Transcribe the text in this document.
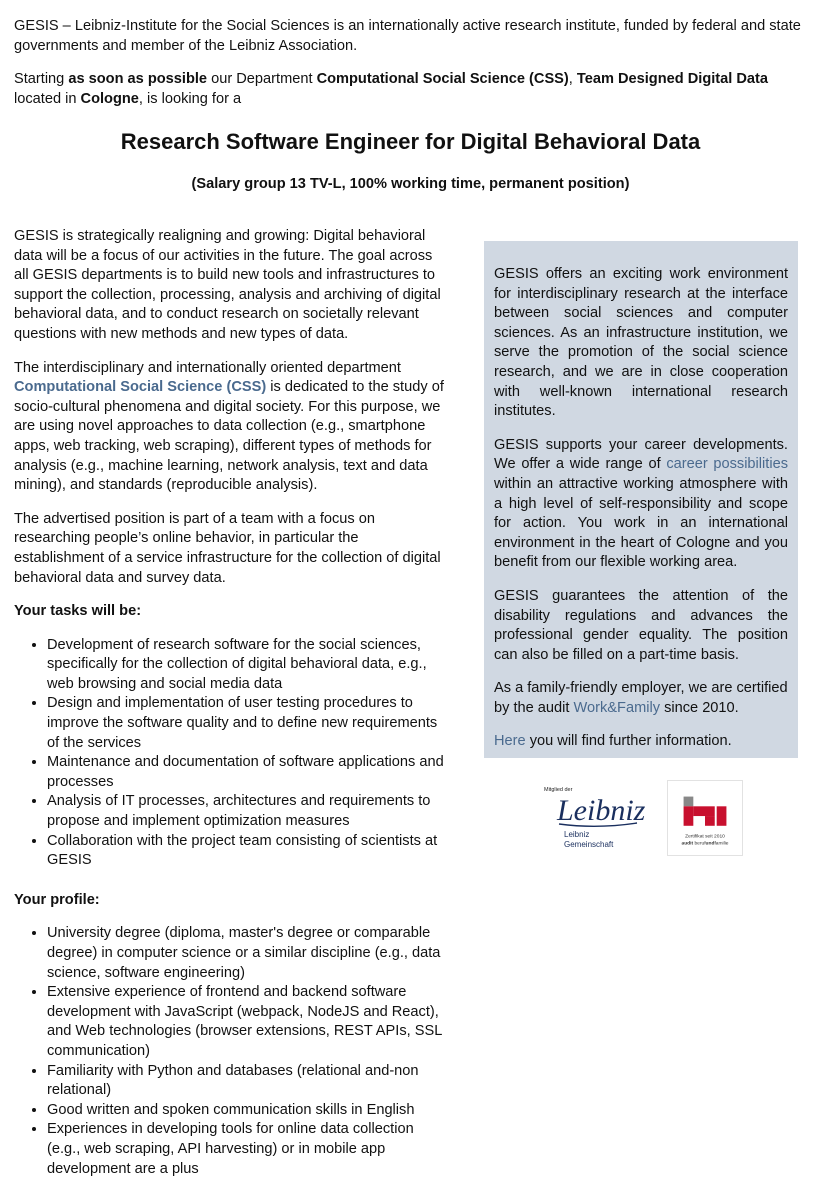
GESIS – Leibniz-Institute for the Social Sciences is an internationally active research institute, funded by federal and state governments and member of the Leibniz Association.

Starting as soon as possible our Department Computational Social Science (CSS), Team Designed Digital Data located in Cologne, is looking for a

Research Software Engineer for Digital Behavioral Data
(Salary group 13 TV-L, 100% working time, permanent position)

GESIS is strategically realigning and growing: Digital behavioral data will be a focus of our activities in the future. The goal across all GESIS departments is to build new tools and infrastructures to support the collection, processing, analysis and archiving of digital behavioral data, and to conduct research on societally relevant questions with new methods and new types of data.

The interdisciplinary and internationally oriented department Computational Social Science (CSS) is dedicated to the study of socio-cultural phenomena and digital society. For this purpose, we are using novel approaches to data collection (e.g., smartphone apps, web tracking, web scraping), different types of methods for analysis (e.g., machine learning, network analysis, text and data mining), and standards (reproducible analysis).

The advertised position is part of a team with a focus on researching people’s online behavior, in particular the establishment of a service infrastructure for the collection of digital behavioral data and survey data.

Your tasks will be:

• Development of research software for the social sciences, specifically for the collection of digital behavioral data, e.g., web browsing and social media data
• Design and implementation of user testing procedures to improve the software quality and to define new requirements of the services
• Maintenance and documentation of software applications and processes
• Analysis of IT processes, architectures and requirements to propose and implement optimization measures
• Collaboration with the project team consisting of scientists at GESIS

Your profile:

• University degree (diploma, master's degree or comparable degree) in computer science or a similar discipline (e.g., data science, software engineering)
• Extensive experience of frontend and backend software development with JavaScript (webpack, NodeJS and React), and Web technologies (browser extensions, REST APIs, SSL communication)
• Familiarity with Python and databases (relational and-non relational)
• Good written and spoken communication skills in English
• Experiences in developing tools for online data collection (e.g., web scraping, API harvesting) or in mobile app development are a plus

GESIS offers an exciting work environment for interdisciplinary research at the interface between social sciences and computer sciences. As an infrastructure institution, we serve the promotion of the social science research, and we are in close cooperation with well-known international research institutes.

GESIS supports your career developments. We offer a wide range of career possibilities within an attractive working atmosphere with a high level of self-responsibility and scope for action. You work in an international environment in the heart of Cologne and you benefit from our flexible working area.

GESIS guarantees the attention of the disability regulations and advances the professional gender equality. The position can also be filled on a part-time basis.

As a family-friendly employer, we are certified by the audit Work&Family since 2010.

Here you will find further information.

Mitglied der
Leibniz
Leibniz
Gemeinschaft
Zertifikat seit 2010
audit berufundfamilie
